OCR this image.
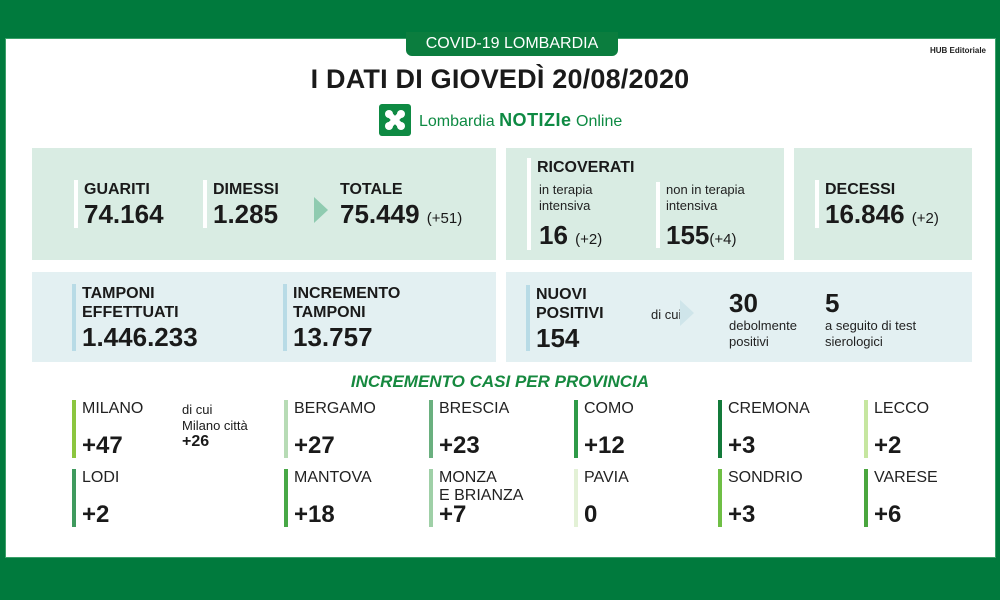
COVID-19 LOMBARDIA	HUB Editoriale
I DATI DI GIOVEDÌ 20/08/2020
Lombardia NOTIZIe Online
GUARITI
74.164
DIMESSI
1.285
TOTALE
75.449 (+51)
RICOVERATI
in terapia
intensiva
16 (+2)
non in terapia
intensiva
155(+4)
DECESSI
16.846 (+2)
TAMPONI
EFFETTUATI
1.446.233
INCREMENTO
TAMPONI
13.757
NUOVI
POSITIVI
154
di cui 30
debolmente
positivi
5
a seguito di test
sierologici
INCREMENTO CASI PER PROVINCIA
MILANO
+47
BERGAMO
+27
BRESCIA
+23
COMO
+12
CREMONA
+3
LECCO
+2
LODI
+2
MANTOVA
+18
MONZA
E BRIANZA
+7
PAVIA
0
SONDRIO
+3
VARESE
+6
di cui
Milano città
+26
